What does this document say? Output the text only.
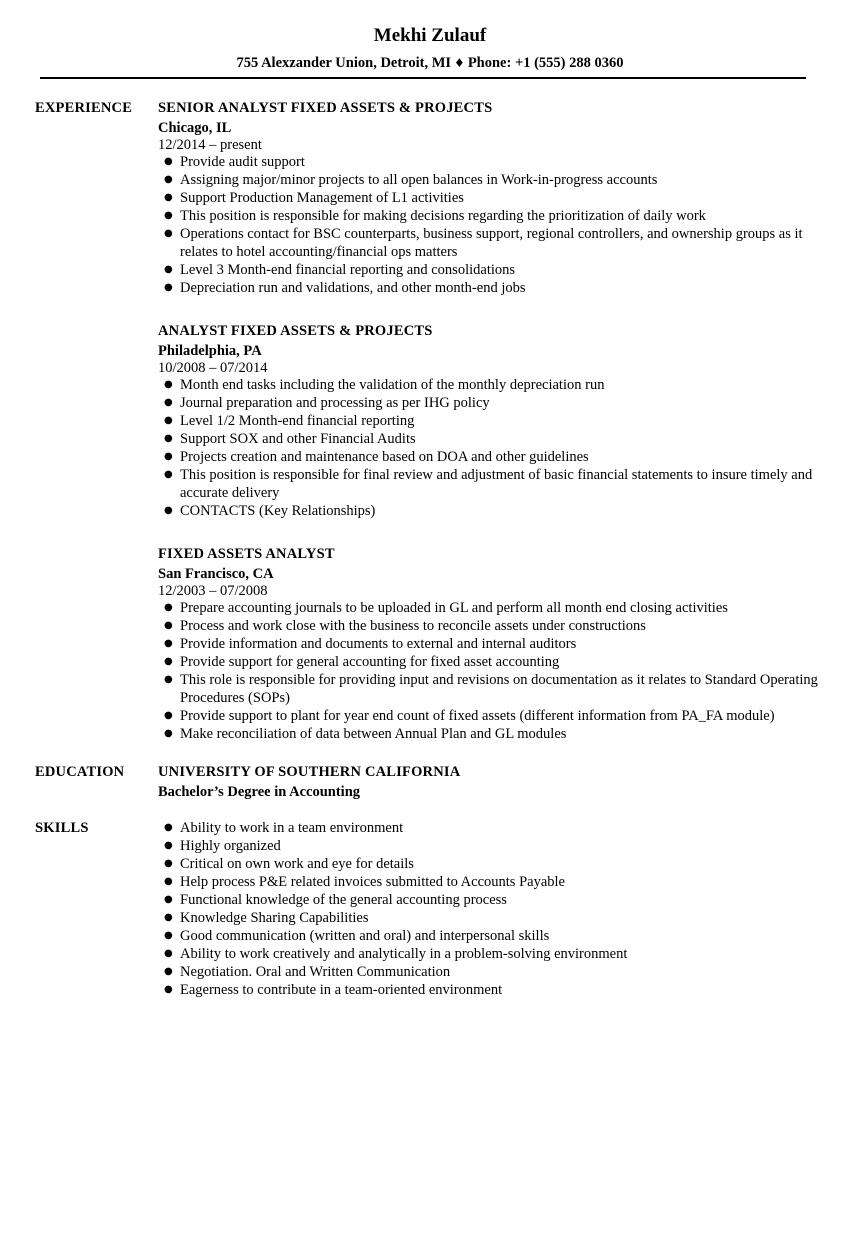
Mekhi Zulauf
755 Alexzander Union, Detroit, MI ♦ Phone: +1 (555) 288 0360
EXPERIENCE SENIOR ANALYST FIXED ASSETS & PROJECTS
Chicago, IL
12/2014 – present
● Provide audit support
● Assigning major/minor projects to all open balances in Work-in-progress accounts
● Support Production Management of L1 activities
● This position is responsible for making decisions regarding the prioritization of daily work
● Operations contact for BSC counterparts, business support, regional controllers, and ownership groups as it relates to hotel accounting/financial ops matters
● Level 3 Month-end financial reporting and consolidations
● Depreciation run and validations, and other month-end jobs
ANALYST FIXED ASSETS & PROJECTS
Philadelphia, PA
10/2008 – 07/2014
● Month end tasks including the validation of the monthly depreciation run
● Journal preparation and processing as per IHG policy
● Level 1/2 Month-end financial reporting
● Support SOX and other Financial Audits
● Projects creation and maintenance based on DOA and other guidelines
● This position is responsible for final review and adjustment of basic financial statements to insure timely and accurate delivery
● CONTACTS (Key Relationships)
FIXED ASSETS ANALYST
San Francisco, CA
12/2003 – 07/2008
● Prepare accounting journals to be uploaded in GL and perform all month end closing activities
● Process and work close with the business to reconcile assets under constructions
● Provide information and documents to external and internal auditors
● Provide support for general accounting for fixed asset accounting
● This role is responsible for providing input and revisions on documentation as it relates to Standard Operating Procedures (SOPs)
● Provide support to plant for year end count of fixed assets (different information from PA_FA module)
● Make reconciliation of data between Annual Plan and GL modules
EDUCATION UNIVERSITY OF SOUTHERN CALIFORNIA
Bachelor’s Degree in Accounting
SKILLS	● Ability to work in a team environment
● Highly organized
● Critical on own work and eye for details
● Help process P&E related invoices submitted to Accounts Payable
● Functional knowledge of the general accounting process
● Knowledge Sharing Capabilities
● Good communication (written and oral) and interpersonal skills
● Ability to work creatively and analytically in a problem-solving environment
● Negotiation. Oral and Written Communication
● Eagerness to contribute in a team-oriented environment
